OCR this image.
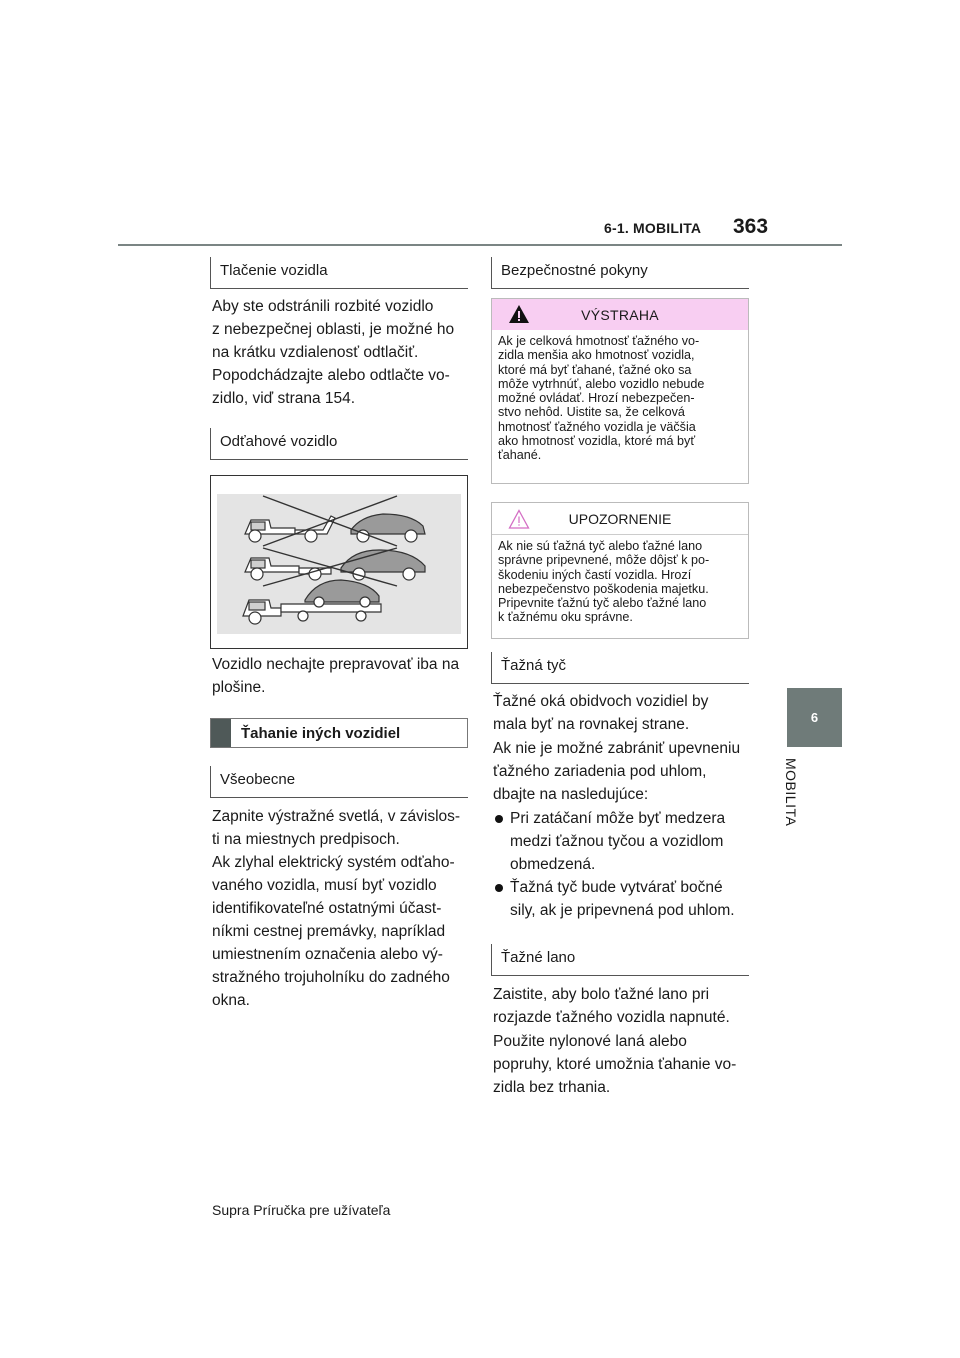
6-1. MOBILITA 363
6
MOBILITA
Tlačenie vozidla
Aby ste odstránili rozbité vozidlo
z nebezpečnej oblasti, je možné ho
na krátku vzdialenosť odtlačiť.
Popodchádzajte alebo odtlačte vo-
zidlo, viď strana 154.
Odťahové vozidlo
Vozidlo nechajte prepravovať iba na
plošine.
Ťahanie iných vozidiel
Všeobecne
Zapnite výstražné svetlá, v závislos-
ti na miestnych predpisoch.
Ak zlyhal elektrický systém odťaho-
vaného vozidla, musí byť vozidlo
identifikovateľné ostatnými účast-
níkmi cestnej premávky, napríklad
umiestnením označenia alebo vý-
stražného trojuholníku do zadného
okna.
Bezpečnostné pokyny
VÝSTRAHA
Ak je celková hmotnosť ťažného vo-
zidla menšia ako hmotnosť vozidla,
ktoré má byť ťahané, ťažné oko sa
môže vytrhnúť, alebo vozidlo nebude
možné ovládať. Hrozí nebezpečen-
stvo nehôd. Uistite sa, že celková
hmotnosť ťažného vozidla je väčšia
ako hmotnosť vozidla, ktoré má byť
ťahané.
UPOZORNENIE
Ak nie sú ťažná tyč alebo ťažné lano
správne pripevnené, môže dôjsť k po-
škodeniu iných častí vozidla. Hrozí
nebezpečenstvo poškodenia majetku.
Pripevnite ťažnú tyč alebo ťažné lano
k ťažnému oku správne.
Ťažná tyč
Ťažné oká obidvoch vozidiel by
mala byť na rovnakej strane.
Ak nie je možné zabrániť upevneniu
ťažného zariadenia pod uhlom,
dbajte na nasledujúce:
Pri zatáčaní môže byť medzera
medzi ťažnou tyčou a vozidlom
obmedzená.
Ťažná tyč bude vytvárať bočné
sily, ak je pripevnená pod uhlom.
Ťažné lano
Zaistite, aby bolo ťažné lano pri
rozjazde ťažného vozidla napnuté.
Použite nylonové laná alebo
popruhy, ktoré umožnia ťahanie vo-
zidla bez trhania.
Supra Príručka pre užívateľa
